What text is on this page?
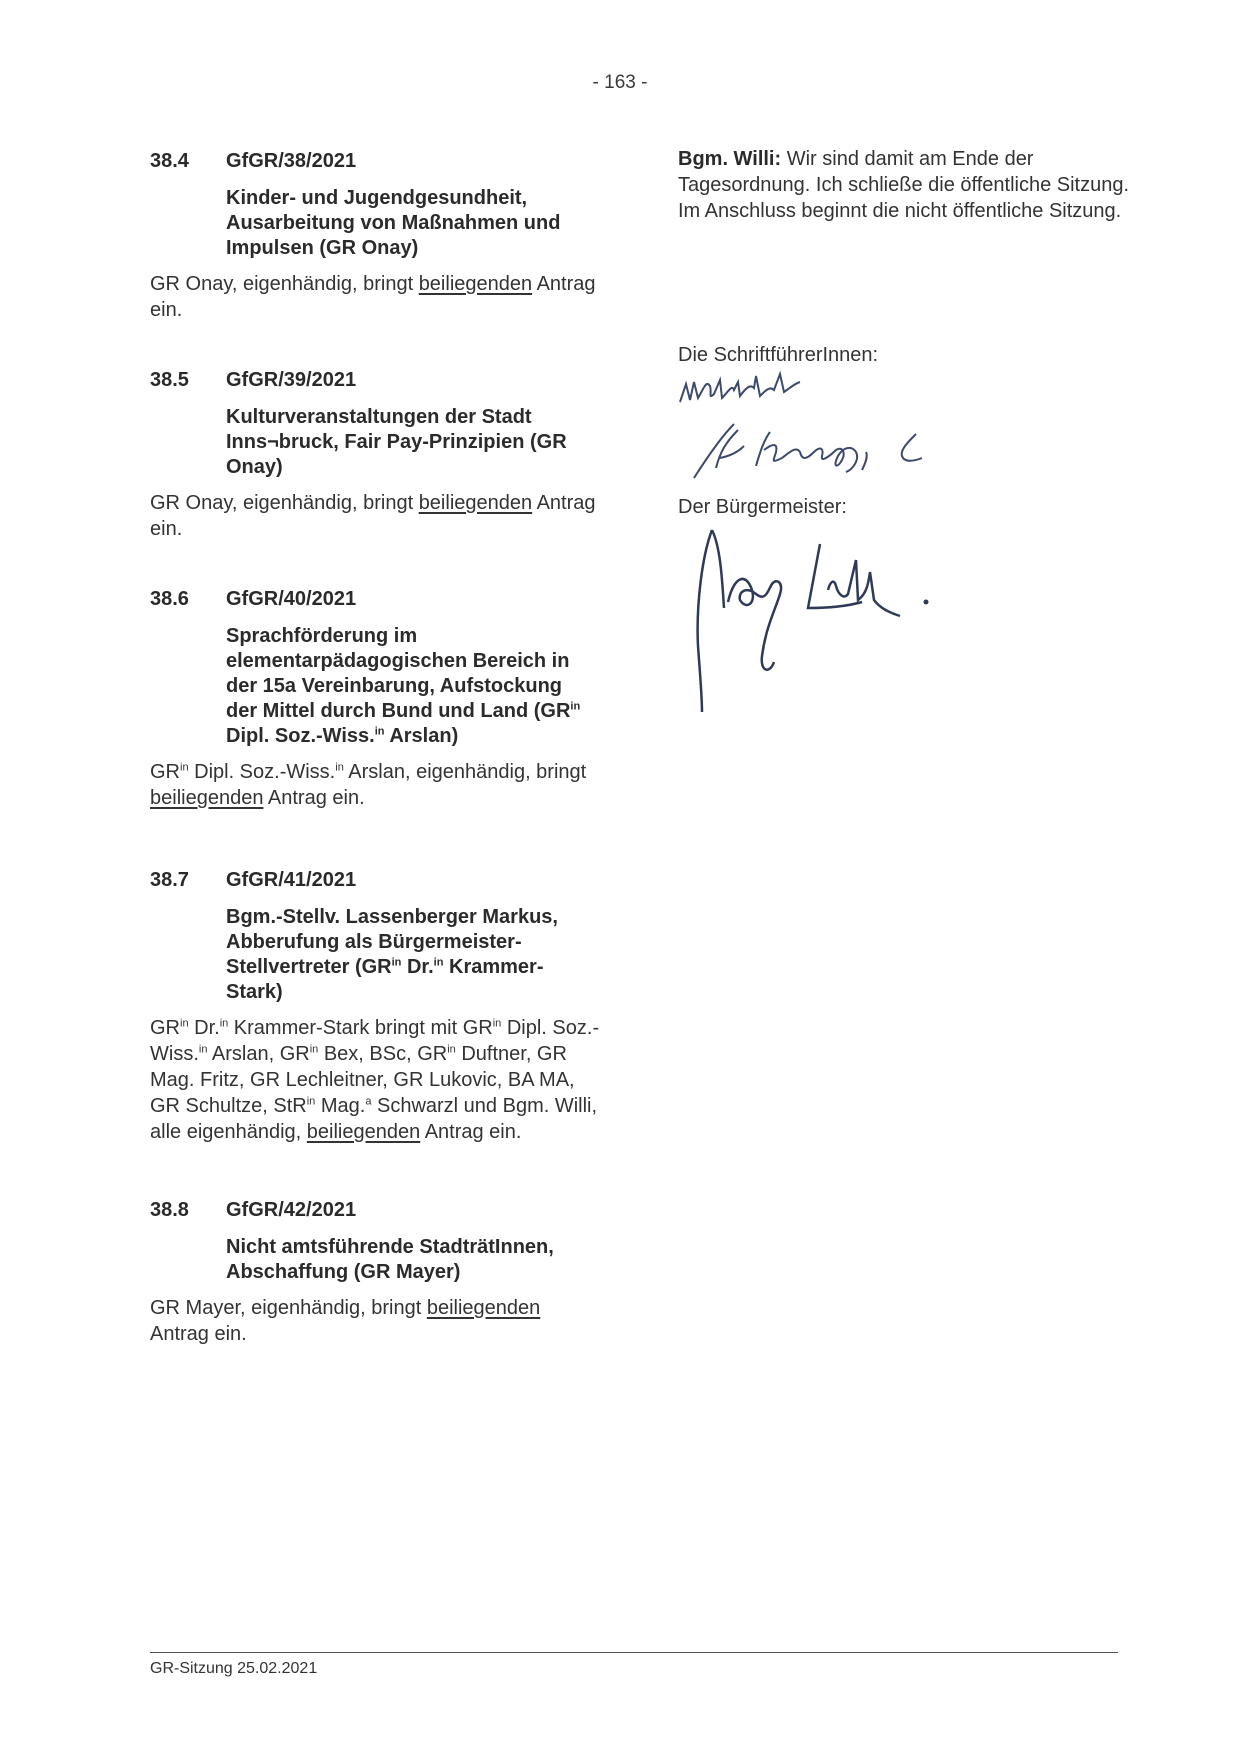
- 163 -
38.4	GfGR/38/2021
Kinder- und Jugendgesundheit, Ausarbeitung von Maßnahmen und Impulsen (GR Onay)
GR Onay, eigenhändig, bringt beiliegenden Antrag ein.
38.5	GfGR/39/2021
Kulturveranstaltungen der Stadt Inns¬bruck, Fair Pay-Prinzipien (GR Onay)
GR Onay, eigenhändig, bringt beiliegenden Antrag ein.
38.6	GfGR/40/2021
Sprachförderung im elementarpädagogischen Bereich in der 15a Vereinbarung, Aufstockung der Mittel durch Bund und Land ($GR^{in}$ Dipl. Soz.-Wiss.$^{in}$ Arslan)
$GR^{in}$ Dipl. Soz.-Wiss.$^{in}$ Arslan, eigenhändig, bringt beiliegenden Antrag ein.
38.7	GfGR/41/2021
Bgm.-Stellv. Lassenberger Markus, Abberufung als Bürgermeister-Stellvertreter ($GR^{in}$ Dr.$^{in}$ Krammer-Stark)
$GR^{in}$ Dr.$^{in}$ Krammer-Stark bringt mit $GR^{in}$ Dipl. Soz.-Wiss.$^{in}$ Arslan, $GR^{in}$ Bex, BSc, $GR^{in}$ Duftner, GR Mag. Fritz, GR Lechleitner, GR Lukovic, BA MA, GR Schultze, StR$^{in}$ Mag.$^a$ Schwarzl und Bgm. Willi, alle eigenhändig, beiliegenden Antrag ein.
38.8	GfGR/42/2021
Nicht amtsführende StadträtInnen, Abschaffung (GR Mayer)
GR Mayer, eigenhändig, bringt beiliegenden Antrag ein.
Bgm. Willi: Wir sind damit am Ende der Tagesordnung. Ich schließe die öffentliche Sitzung. Im Anschluss beginnt die nicht öffentliche Sitzung.
Die SchriftführerInnen:
Der Bürgermeister:
GR-Sitzung 25.02.2021
